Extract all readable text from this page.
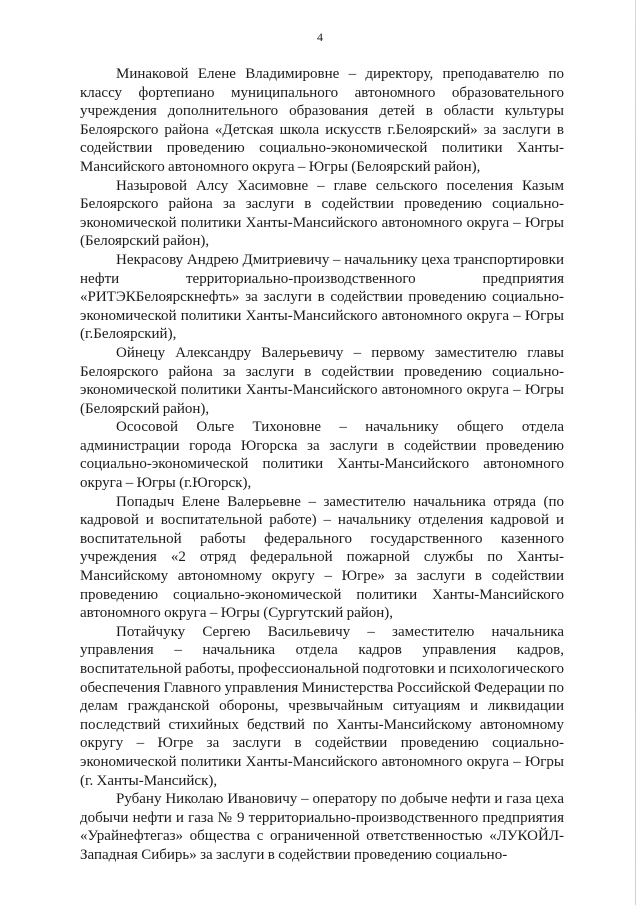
4

Минаковой Елене Владимировне – директору, преподавателю по классу фортепиано муниципального автономного образовательного учреждения дополнительного образования детей в области культуры Белоярского района «Детская школа искусств г.Белоярский» за заслуги в содействии проведению социально-экономической политики Ханты-Мансийского автономного округа – Югры (Белоярский район),

Назыровой Алсу Хасимовне – главе сельского поселения Казым Белоярского района за заслуги в содействии проведению социально-экономической политики Ханты-Мансийского автономного округа – Югры (Белоярский район),

Некрасову Андрею Дмитриевичу – начальнику цеха транспортировки нефти территориально-производственного предприятия «РИТЭКБелоярскнефть» за заслуги в содействии проведению социально-экономической политики Ханты-Мансийского автономного округа – Югры (г.Белоярский),

Ойнецу Александру Валерьевичу – первому заместителю главы Белоярского района за заслуги в содействии проведению социально-экономической политики Ханты-Мансийского автономного округа – Югры (Белоярский район),

Ососовой Ольге Тихоновне – начальнику общего отдела администрации города Югорска за заслуги в содействии проведению социально-экономической политики Ханты-Мансийского автономного округа – Югры (г.Югорск),

Попадыч Елене Валерьевне – заместителю начальника отряда (по кадровой и воспитательной работе) – начальнику отделения кадровой и воспитательной работы федерального государственного казенного учреждения «2 отряд федеральной пожарной службы по Ханты-Мансийскому автономному округу – Югре» за заслуги в содействии проведению социально-экономической политики Ханты-Мансийского автономного округа – Югры (Сургутский район),

Потайчуку Сергею Васильевичу – заместителю начальника управления – начальника отдела кадров управления кадров, воспитательной работы, профессиональной подготовки и психологического обеспечения Главного управления Министерства Российской Федерации по делам гражданской обороны, чрезвычайным ситуациям и ликвидации последствий стихийных бедствий по Ханты-Мансийскому автономному округу – Югре за заслуги в содействии проведению социально-экономической политики Ханты-Мансийского автономного округа – Югры (г. Ханты-Мансийск),

Рубану Николаю Ивановичу – оператору по добыче нефти и газа цеха добычи нефти и газа № 9 территориально-производственного предприятия «Урайнефтегаз» общества с ограниченной ответственностью «ЛУКОЙЛ-Западная Сибирь» за заслуги в содействии проведению социально-
